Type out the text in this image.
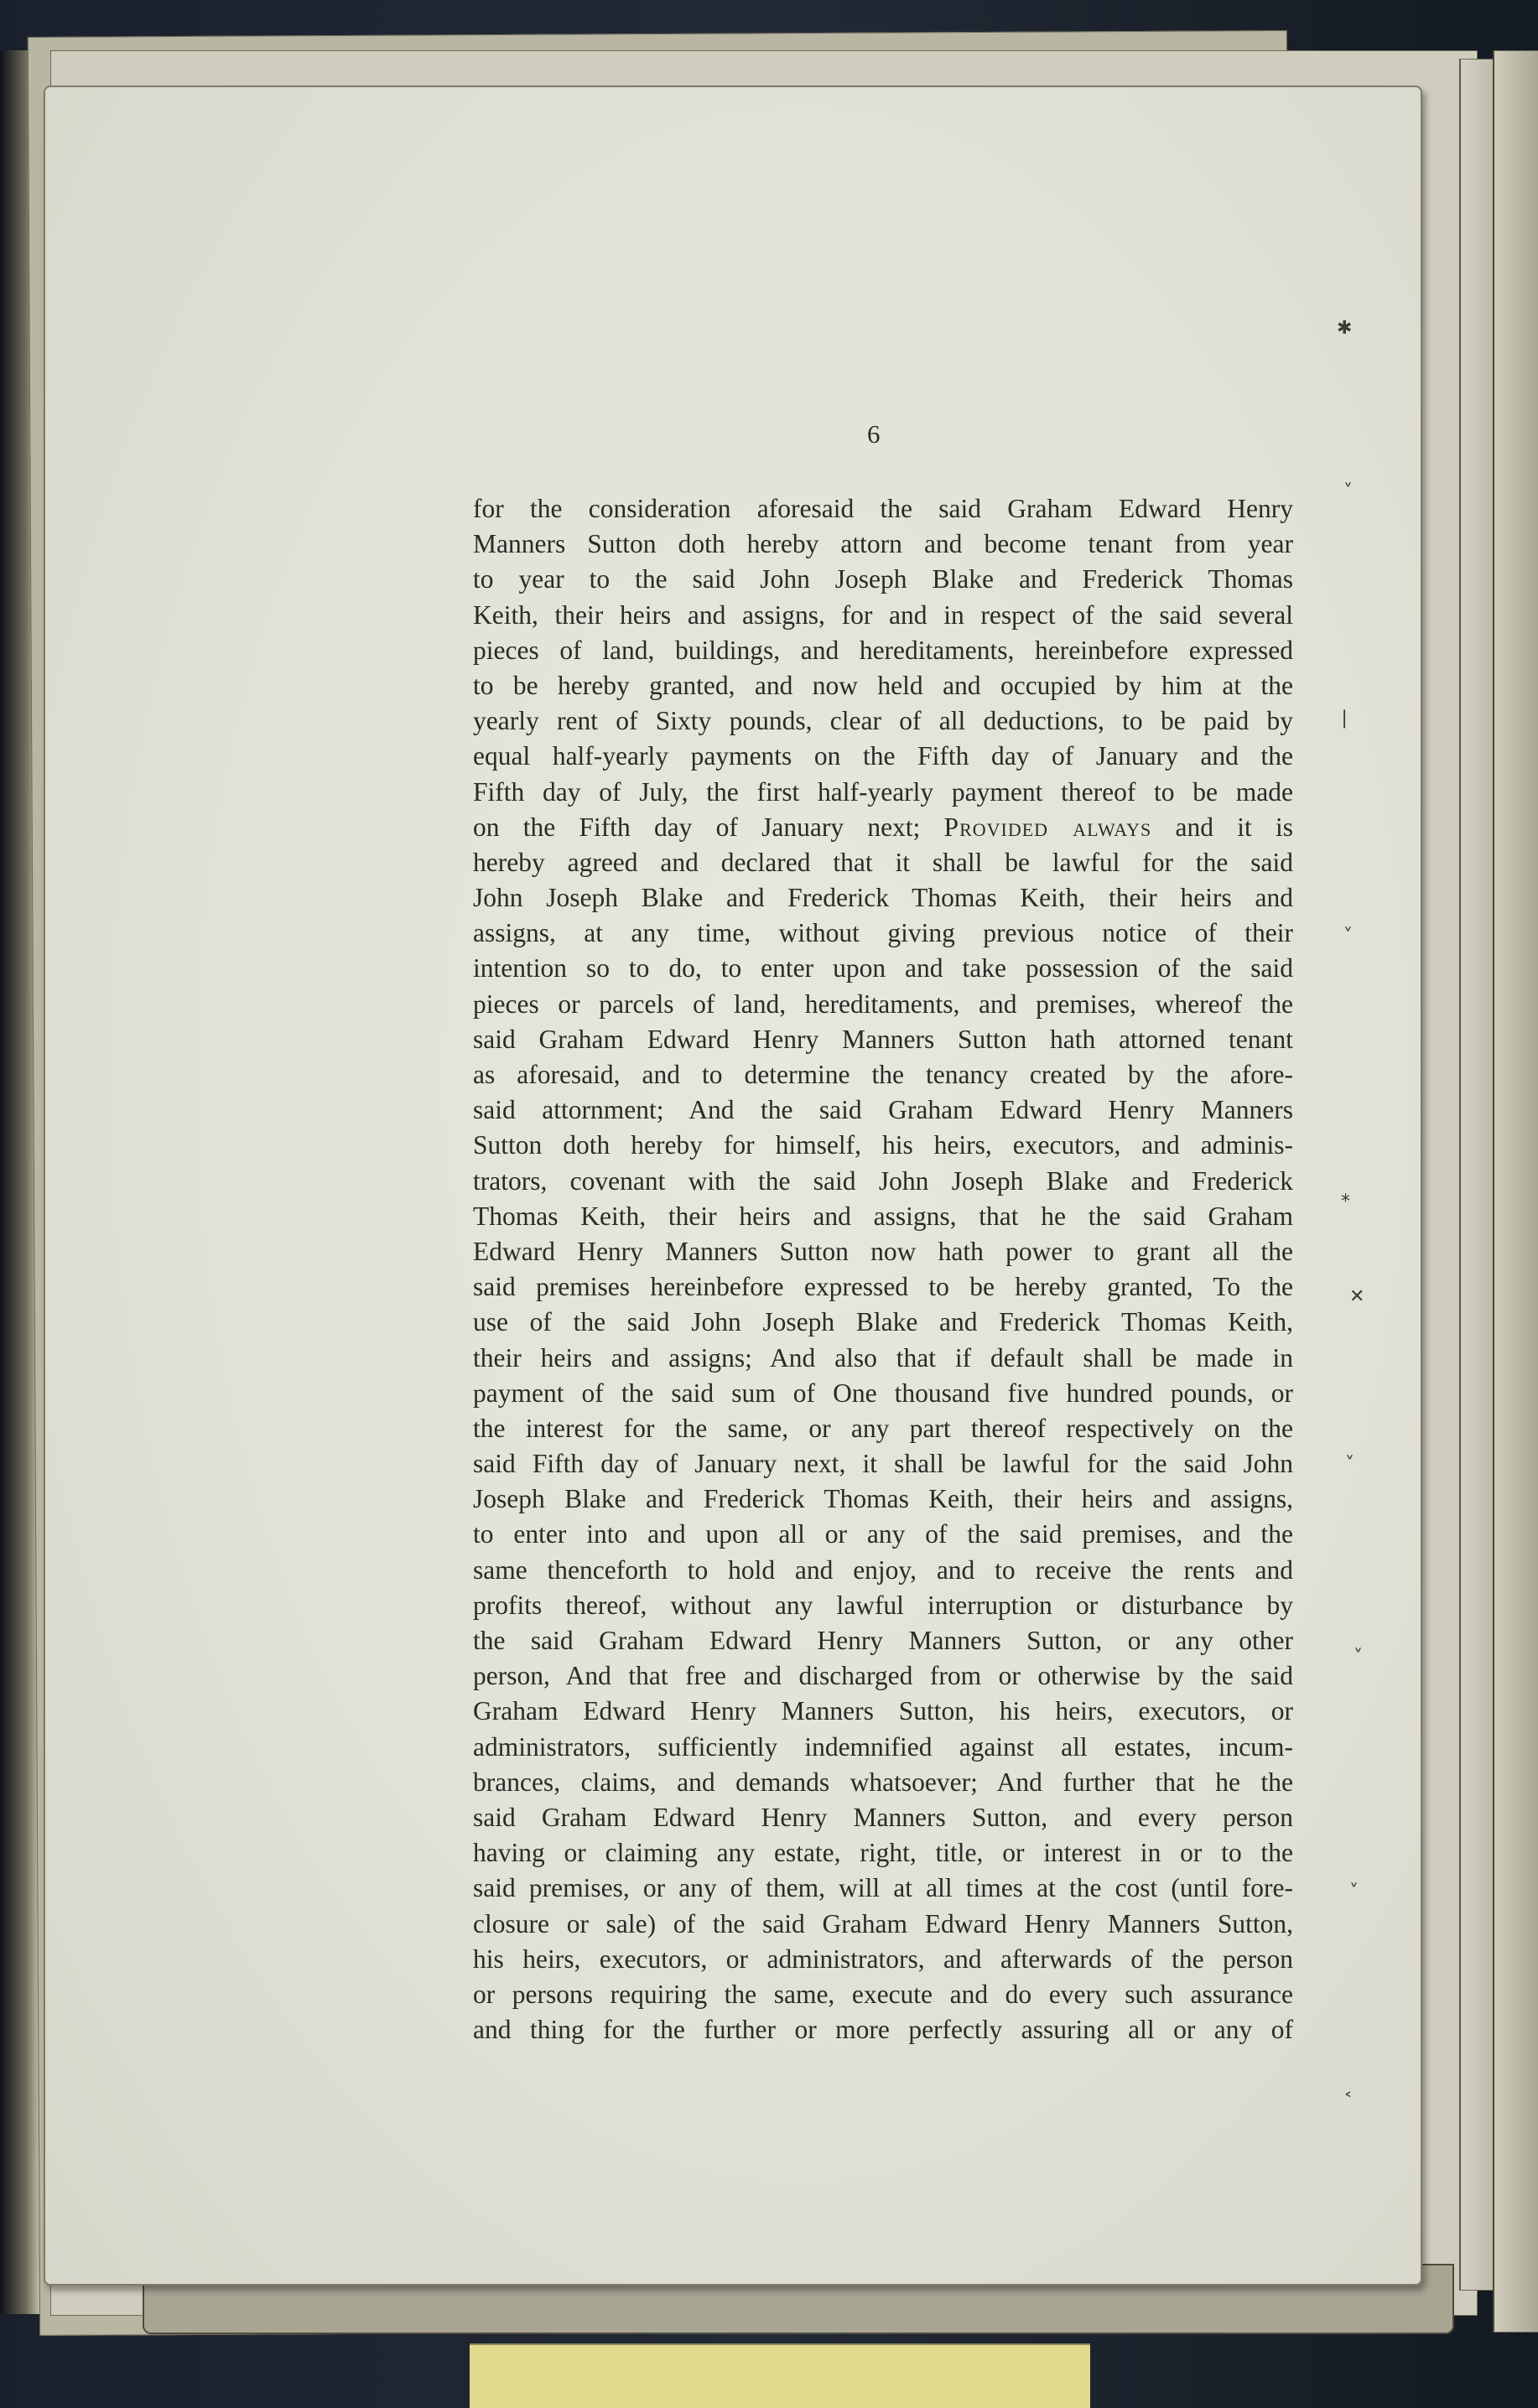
6
for the consideration aforesaid the said Graham Edward Henry
Manners Sutton doth hereby attorn and become tenant from year
to year to the said John Joseph Blake and Frederick Thomas
Keith, their heirs and assigns, for and in respect of the said several
pieces of land, buildings, and hereditaments, hereinbefore expressed
to be hereby granted, and now held and occupied by him at the
yearly rent of Sixty pounds, clear of all deductions, to be paid by
equal half-yearly payments on the Fifth day of January and the
Fifth day of July, the first half-yearly payment thereof to be made
on the Fifth day of January next; Provided always and it is
hereby agreed and declared that it shall be lawful for the said
John Joseph Blake and Frederick Thomas Keith, their heirs and
assigns, at any time, without giving previous notice of their
intention so to do, to enter upon and take possession of the said
pieces or parcels of land, hereditaments, and premises, whereof the
said Graham Edward Henry Manners Sutton hath attorned tenant
as aforesaid, and to determine the tenancy created by the afore-
said attornment; And the said Graham Edward Henry Manners
Sutton doth hereby for himself, his heirs, executors, and adminis-
trators, covenant with the said John Joseph Blake and Frederick
Thomas Keith, their heirs and assigns, that he the said Graham
Edward Henry Manners Sutton now hath power to grant all the
said premises hereinbefore expressed to be hereby granted, To the
use of the said John Joseph Blake and Frederick Thomas Keith,
their heirs and assigns; And also that if default shall be made in
payment of the said sum of One thousand five hundred pounds, or
the interest for the same, or any part thereof respectively on the
said Fifth day of January next, it shall be lawful for the said John
Joseph Blake and Frederick Thomas Keith, their heirs and assigns,
to enter into and upon all or any of the said premises, and the
same thenceforth to hold and enjoy, and to receive the rents and
profits thereof, without any lawful interruption or disturbance by
the said Graham Edward Henry Manners Sutton, or any other
person, And that free and discharged from or otherwise by the said
Graham Edward Henry Manners Sutton, his heirs, executors, or
administrators, sufficiently indemnified against all estates, incum-
brances, claims, and demands whatsoever; And further that he the
said Graham Edward Henry Manners Sutton, and every person
having or claiming any estate, right, title, or interest in or to the
said premises, or any of them, will at all times at the cost (until fore-
closure or sale) of the said Graham Edward Henry Manners Sutton,
his heirs, executors, or administrators, and afterwards of the person
or persons requiring the same, execute and do every such assurance
and thing for the further or more perfectly assuring all or any of
✱
˅
❘
˅
⁎
✕
˅
˅
˅
˂
